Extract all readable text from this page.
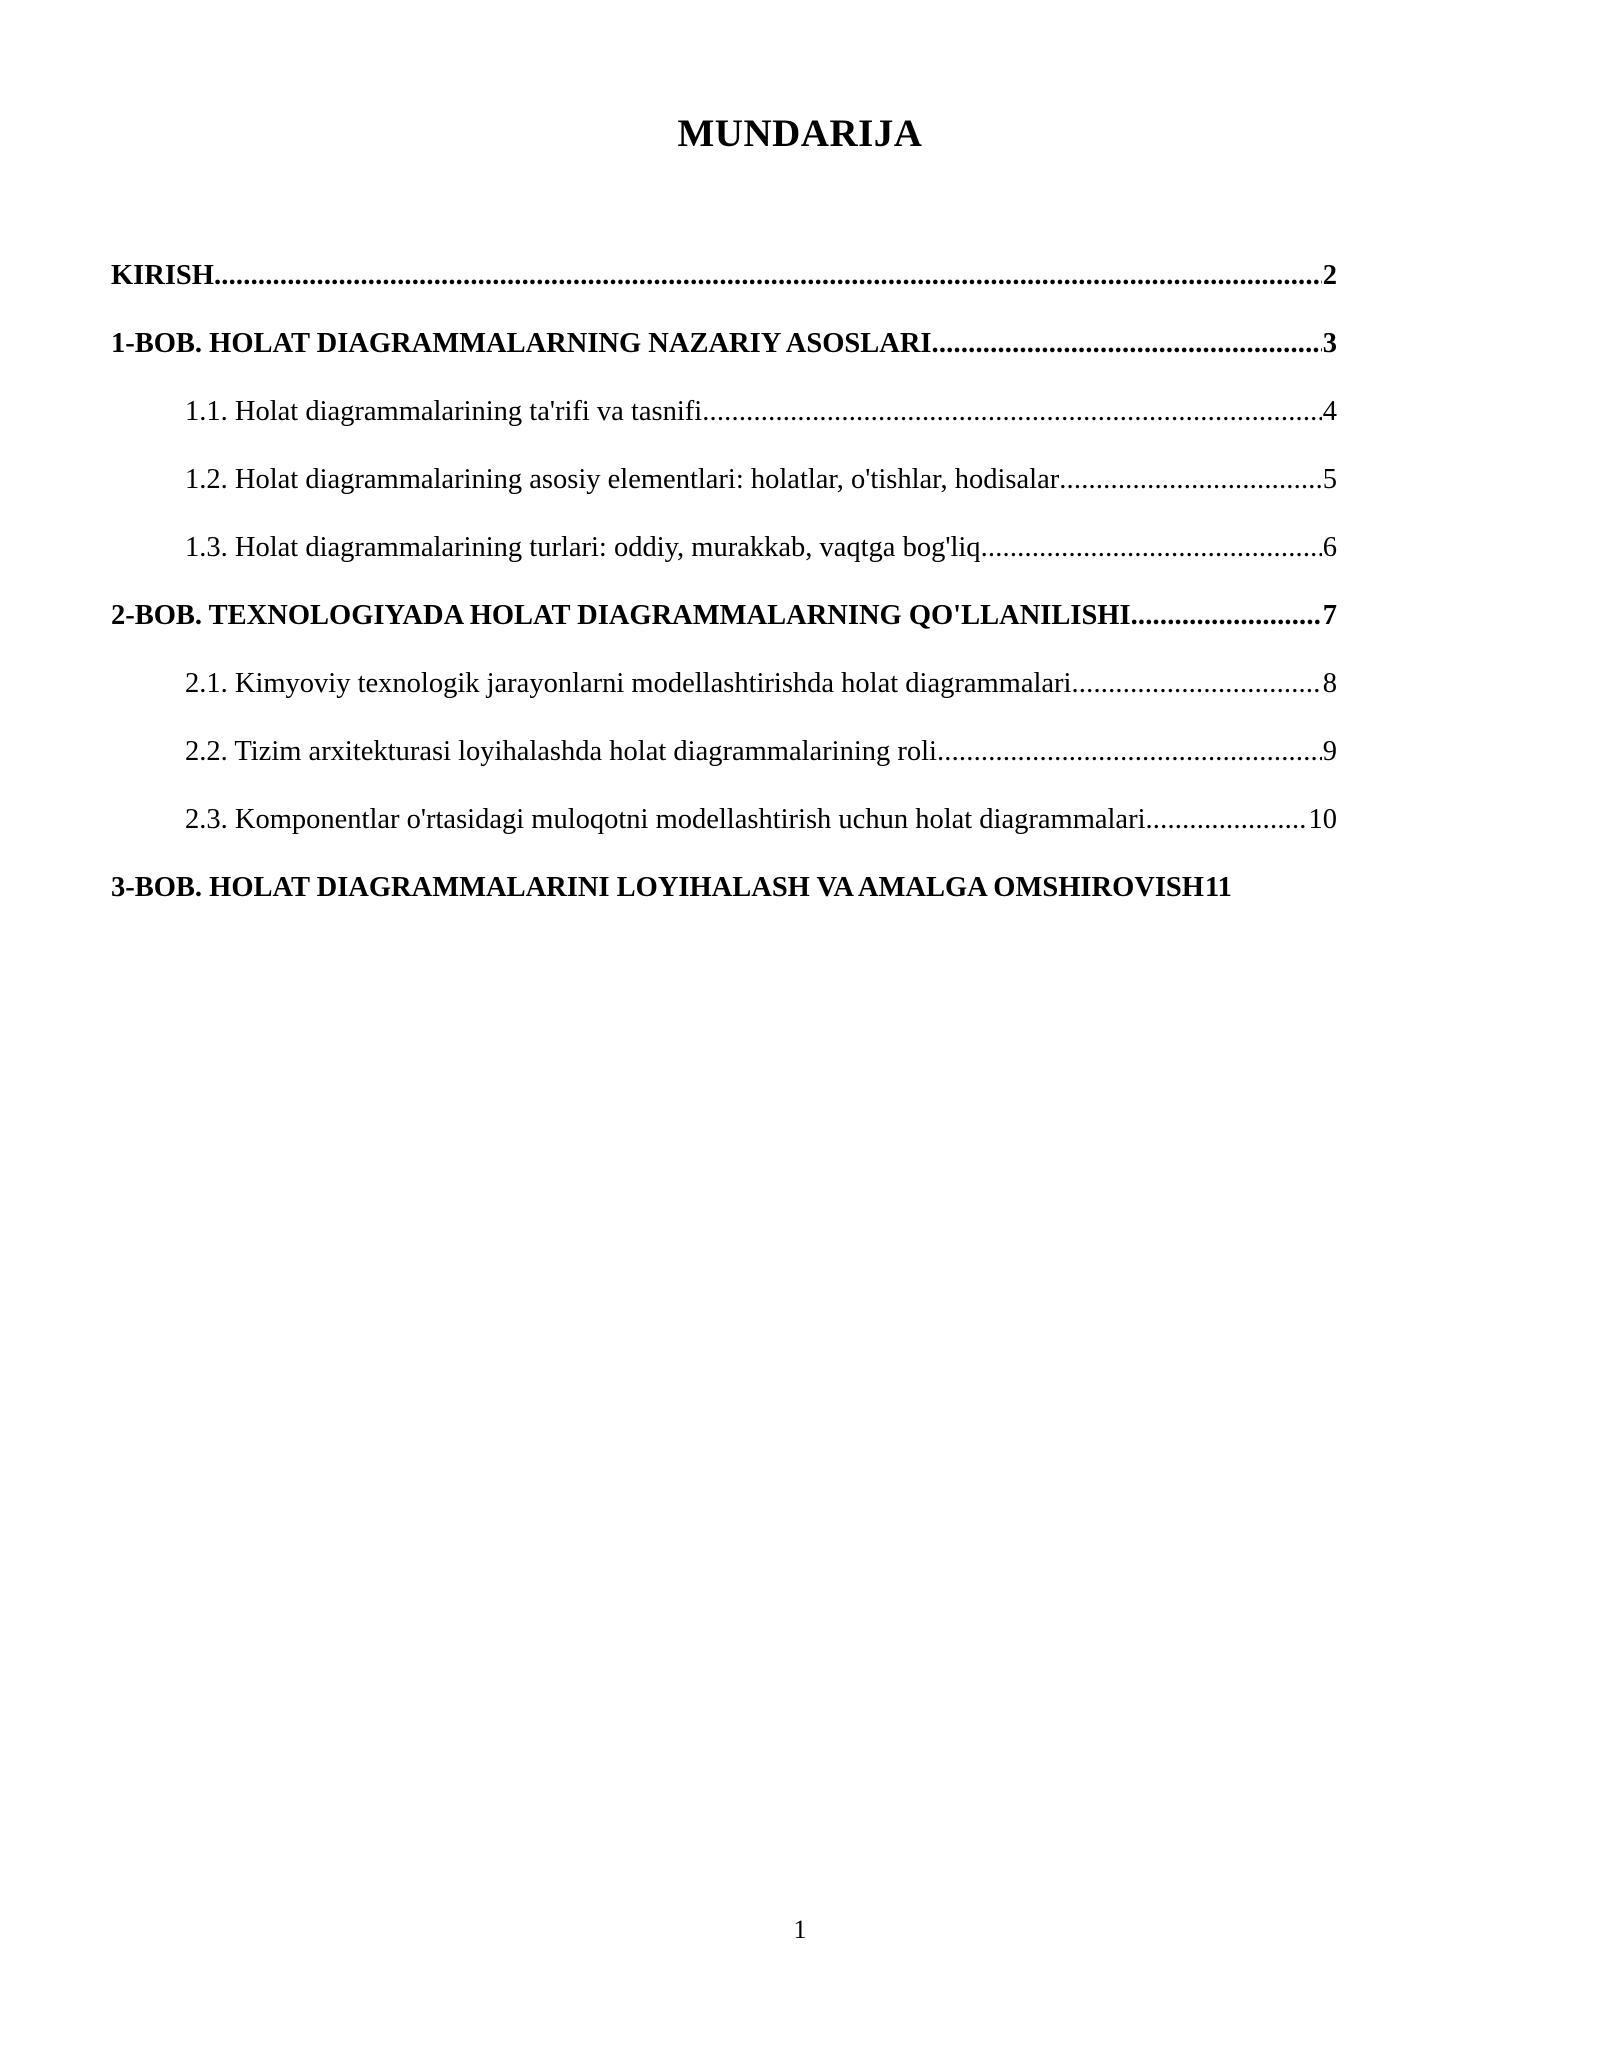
MUNDARIJA
KIRISH .....	2
1-BOB. HOLAT DIAGRAMMALARNING NAZARIY ASOSLARI .....	3
1.1. Holat diagrammalarining ta'rifi va tasnifi .....	4
1.2. Holat diagrammalarining asosiy elementlari: holatlar, o'tishlar, hodisalar .....	5
1.3. Holat diagrammalarining turlari: oddiy, murakkab, vaqtga bog'liq .....	6
2-BOB. TEXNOLOGIYADA HOLAT DIAGRAMMALARNING QO'LLANILISHI .....	7
2.1. Kimyoviy texnologik jarayonlarni modellashtirishda holat diagrammalari .....	8
2.2. Tizim arxitekturasi loyihalashda holat diagrammalarining roli .....	9
2.3. Komponentlar o'rtasidagi muloqotni modellashtirish uchun holat diagrammalari .....	10
3-BOB. HOLAT DIAGRAMMALARINI LOYIHALASH VA AMALGA OMSHIROVISH 11
1
